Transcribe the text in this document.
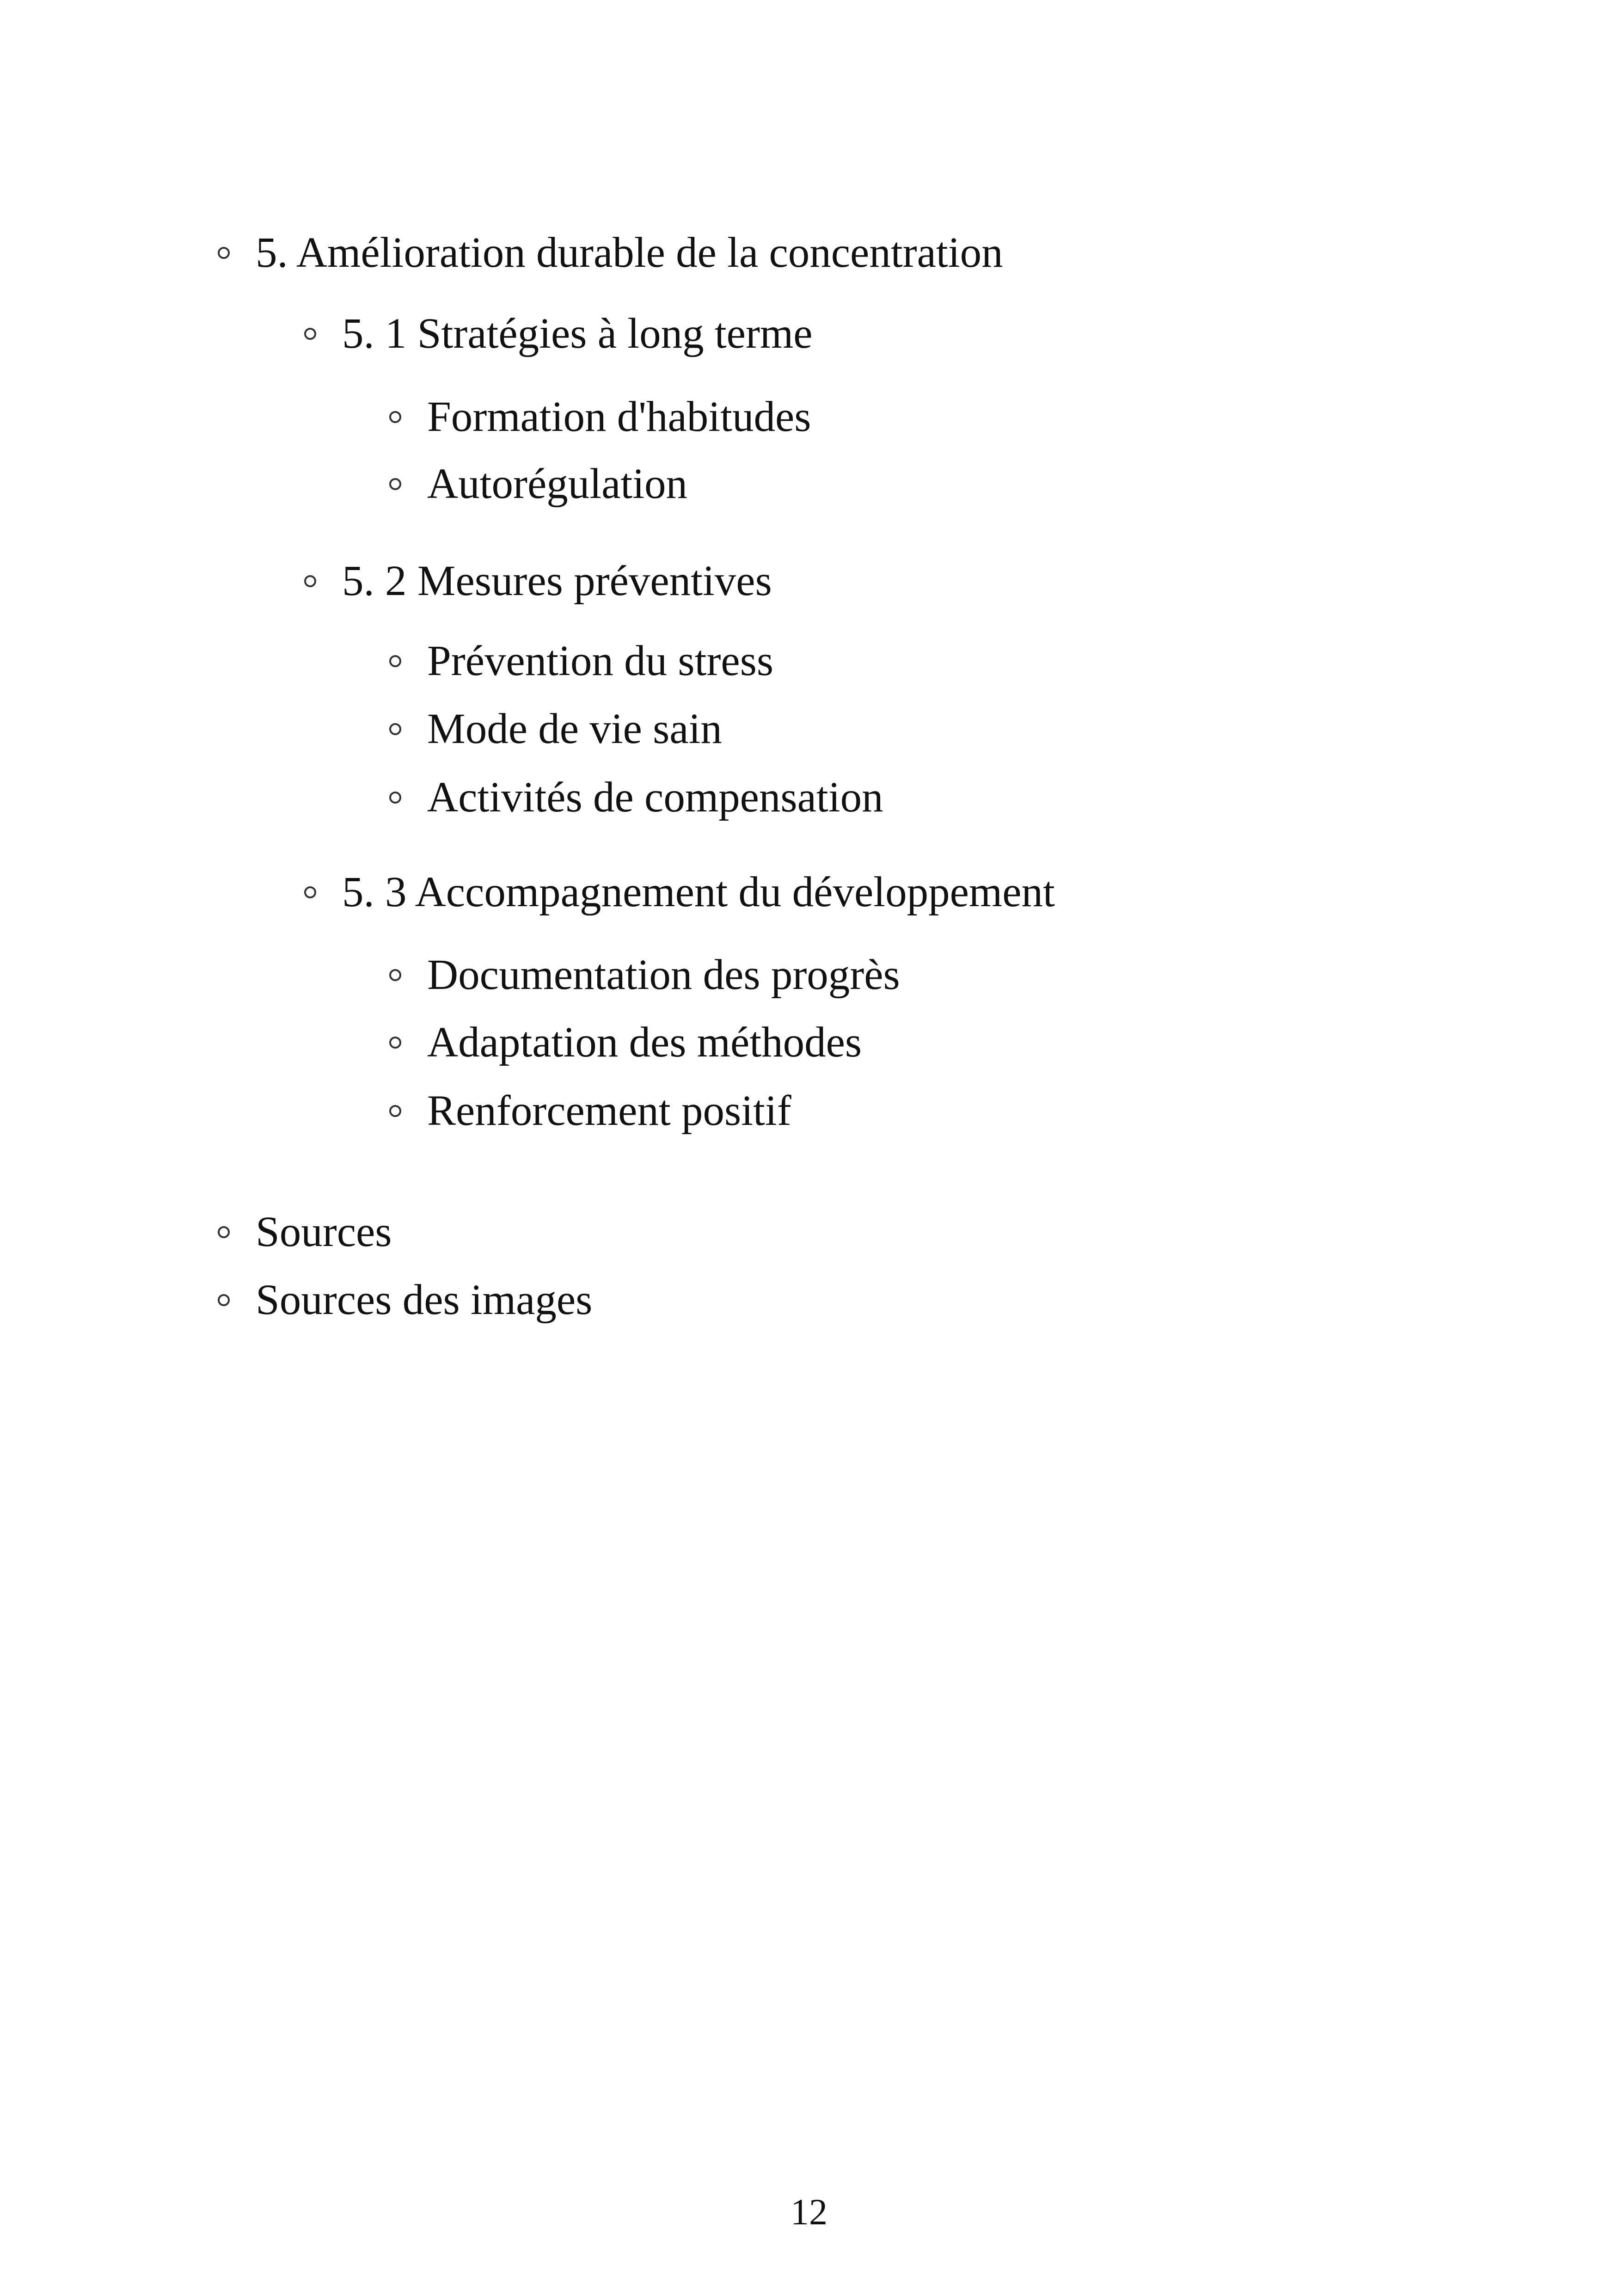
5. Amélioration durable de la concentration
5. 1 Stratégies à long terme
Formation d'habitudes
Autorégulation
5. 2 Mesures préventives
Prévention du stress
Mode de vie sain
Activités de compensation
5. 3 Accompagnement du développement
Documentation des progrès
Adaptation des méthodes
Renforcement positif
Sources
Sources des images
12
